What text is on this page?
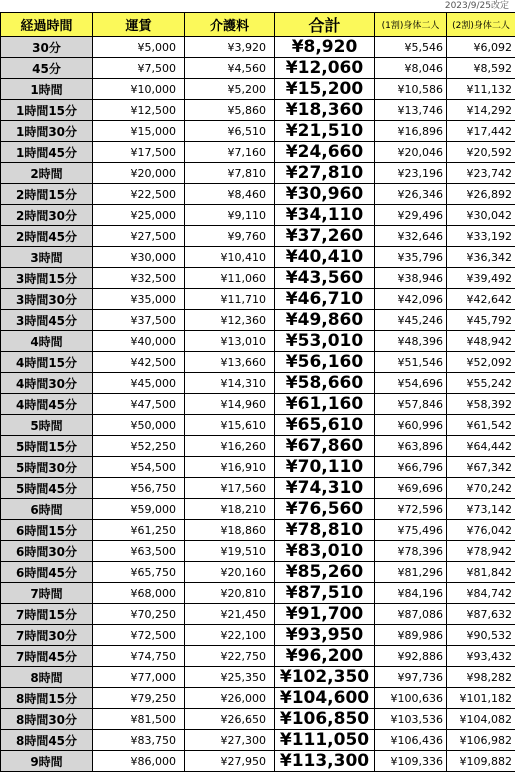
2023/9/25改定
経過時間	運賃	介護料	合計	(1割)身体二人	(2割)身体二人
30分	¥5,000	¥3,920	¥8,920	¥5,546	¥6,092
45分	¥7,500	¥4,560	¥12,060	¥8,046	¥8,592
1時間	¥10,000	¥5,200	¥15,200	¥10,586	¥11,132
1時間15分	¥12,500	¥5,860	¥18,360	¥13,746	¥14,292
1時間30分	¥15,000	¥6,510	¥21,510	¥16,896	¥17,442
1時間45分	¥17,500	¥7,160	¥24,660	¥20,046	¥20,592
2時間	¥20,000	¥7,810	¥27,810	¥23,196	¥23,742
2時間15分	¥22,500	¥8,460	¥30,960	¥26,346	¥26,892
2時間30分	¥25,000	¥9,110	¥34,110	¥29,496	¥30,042
2時間45分	¥27,500	¥9,760	¥37,260	¥32,646	¥33,192
3時間	¥30,000	¥10,410	¥40,410	¥35,796	¥36,342
3時間15分	¥32,500	¥11,060	¥43,560	¥38,946	¥39,492
3時間30分	¥35,000	¥11,710	¥46,710	¥42,096	¥42,642
3時間45分	¥37,500	¥12,360	¥49,860	¥45,246	¥45,792
4時間	¥40,000	¥13,010	¥53,010	¥48,396	¥48,942
4時間15分	¥42,500	¥13,660	¥56,160	¥51,546	¥52,092
4時間30分	¥45,000	¥14,310	¥58,660	¥54,696	¥55,242
4時間45分	¥47,500	¥14,960	¥61,160	¥57,846	¥58,392
5時間	¥50,000	¥15,610	¥65,610	¥60,996	¥61,542
5時間15分	¥52,250	¥16,260	¥67,860	¥63,896	¥64,442
5時間30分	¥54,500	¥16,910	¥70,110	¥66,796	¥67,342
5時間45分	¥56,750	¥17,560	¥74,310	¥69,696	¥70,242
6時間	¥59,000	¥18,210	¥76,560	¥72,596	¥73,142
6時間15分	¥61,250	¥18,860	¥78,810	¥75,496	¥76,042
6時間30分	¥63,500	¥19,510	¥83,010	¥78,396	¥78,942
6時間45分	¥65,750	¥20,160	¥85,260	¥81,296	¥81,842
7時間	¥68,000	¥20,810	¥87,510	¥84,196	¥84,742
7時間15分	¥70,250	¥21,450	¥91,700	¥87,086	¥87,632
7時間30分	¥72,500	¥22,100	¥93,950	¥89,986	¥90,532
7時間45分	¥74,750	¥22,750	¥96,200	¥92,886	¥93,432
8時間	¥77,000	¥25,350	¥102,350	¥97,736	¥98,282
8時間15分	¥79,250	¥26,000	¥104,600	¥100,636	¥101,182
8時間30分	¥81,500	¥26,650	¥106,850	¥103,536	¥104,082
8時間45分	¥83,750	¥27,300	¥111,050	¥106,436	¥106,982
9時間	¥86,000	¥27,950	¥113,300	¥109,336	¥109,882
